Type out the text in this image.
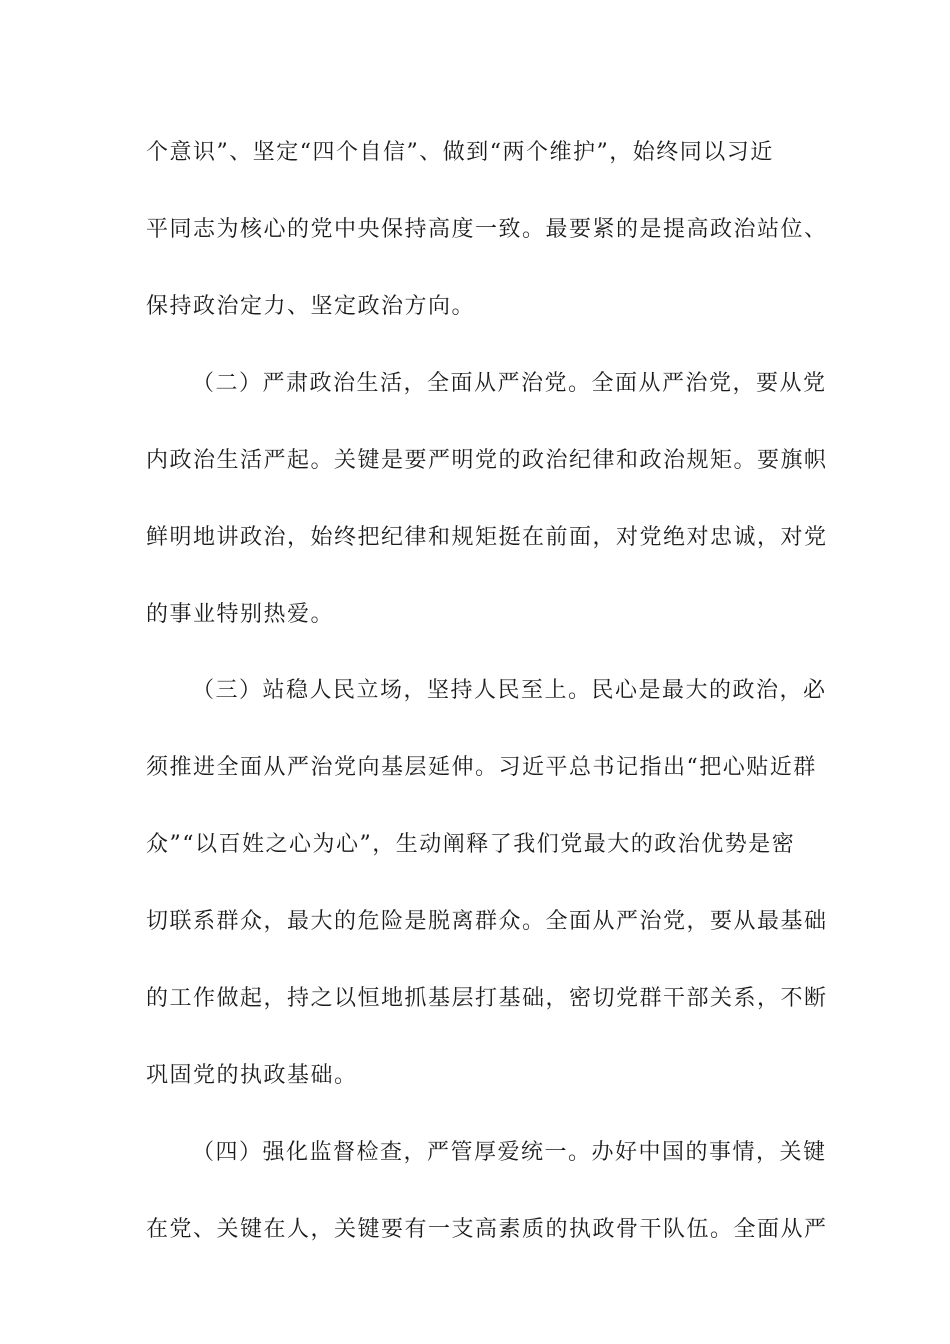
个意识”、坚定“四个自信”、做到“两个维护”，始终同以习近
平同志为核心的党中央保持高度一致。最要紧的是提高政治站位、
保持政治定力、坚定政治方向。
（二）严肃政治生活，全面从严治党。全面从严治党，要从党
内政治生活严起。关键是要严明党的政治纪律和政治规矩。要旗帜
鲜明地讲政治，始终把纪律和规矩挺在前面，对党绝对忠诚，对党
的事业特别热爱。
（三）站稳人民立场，坚持人民至上。民心是最大的政治，必
须推进全面从严治党向基层延伸。习近平总书记指出“把心贴近群
众”“以百姓之心为心”，生动阐释了我们党最大的政治优势是密
切联系群众，最大的危险是脱离群众。全面从严治党，要从最基础
的工作做起，持之以恒地抓基层打基础，密切党群干部关系，不断
巩固党的执政基础。
（四）强化监督检查，严管厚爱统一。办好中国的事情，关键
在党、关键在人，关键要有一支高素质的执政骨干队伍。全面从严
